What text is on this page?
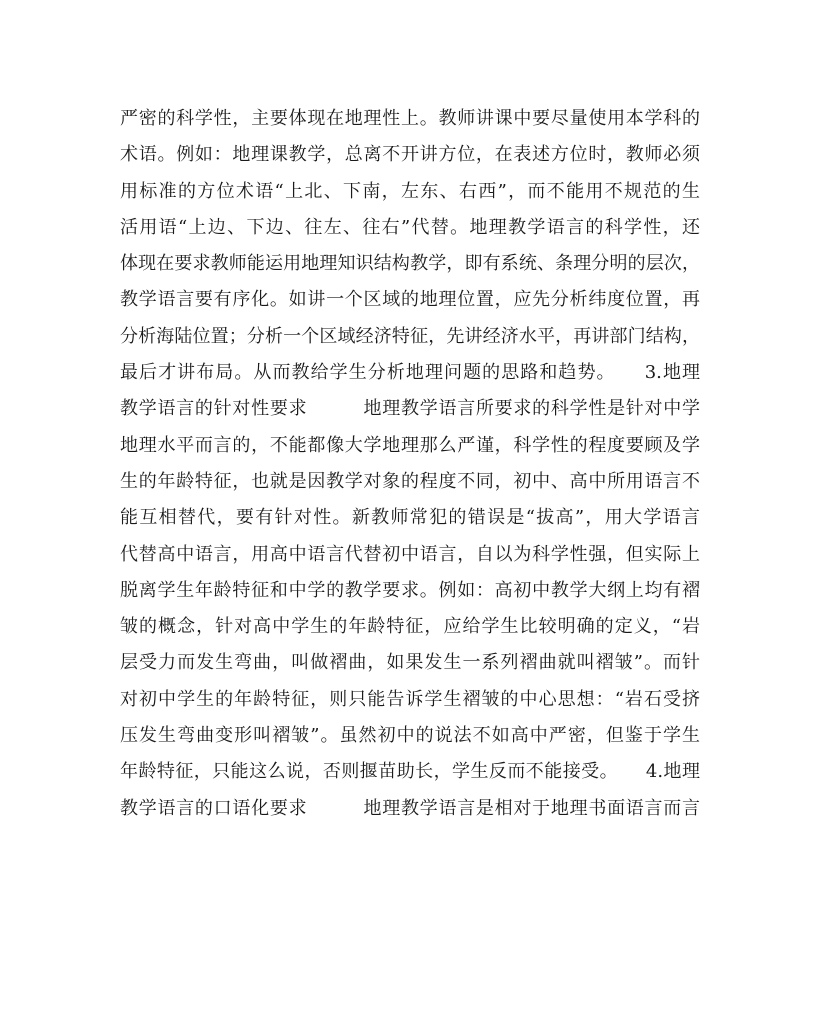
严密的科学性，主要体现在地理性上。教师讲课中要尽量使用本学科的
术语。例如：地理课教学，总离不开讲方位，在表述方位时，教师必须
用标准的方位术语“上北、下南，左东、右西”，而不能用不规范的生
活用语“上边、下边、往左、往右”代替。地理教学语言的科学性，还
体现在要求教师能运用地理知识结构教学，即有系统、条理分明的层次，
教学语言要有序化。如讲一个区域的地理位置，应先分析纬度位置，再
分析海陆位置；分析一个区域经济特征，先讲经济水平，再讲部门结构，
最后才讲布局。从而教给学生分析地理问题的思路和趋势。　　3.地理
教学语言的针对性要求　　　地理教学语言所要求的科学性是针对中学
地理水平而言的，不能都像大学地理那么严谨，科学性的程度要顾及学
生的年龄特征，也就是因教学对象的程度不同，初中、高中所用语言不
能互相替代，要有针对性。新教师常犯的错误是“拔高”，用大学语言
代替高中语言，用高中语言代替初中语言，自以为科学性强，但实际上
脱离学生年龄特征和中学的教学要求。例如：高初中教学大纲上均有褶
皱的概念，针对高中学生的年龄特征，应给学生比较明确的定义，“岩
层受力而发生弯曲，叫做褶曲，如果发生一系列褶曲就叫褶皱”。而针
对初中学生的年龄特征，则只能告诉学生褶皱的中心思想：“岩石受挤
压发生弯曲变形叫褶皱”。虽然初中的说法不如高中严密，但鉴于学生
年龄特征，只能这么说，否则揠苗助长，学生反而不能接受。　　4.地理
教学语言的口语化要求　　　地理教学语言是相对于地理书面语言而言
